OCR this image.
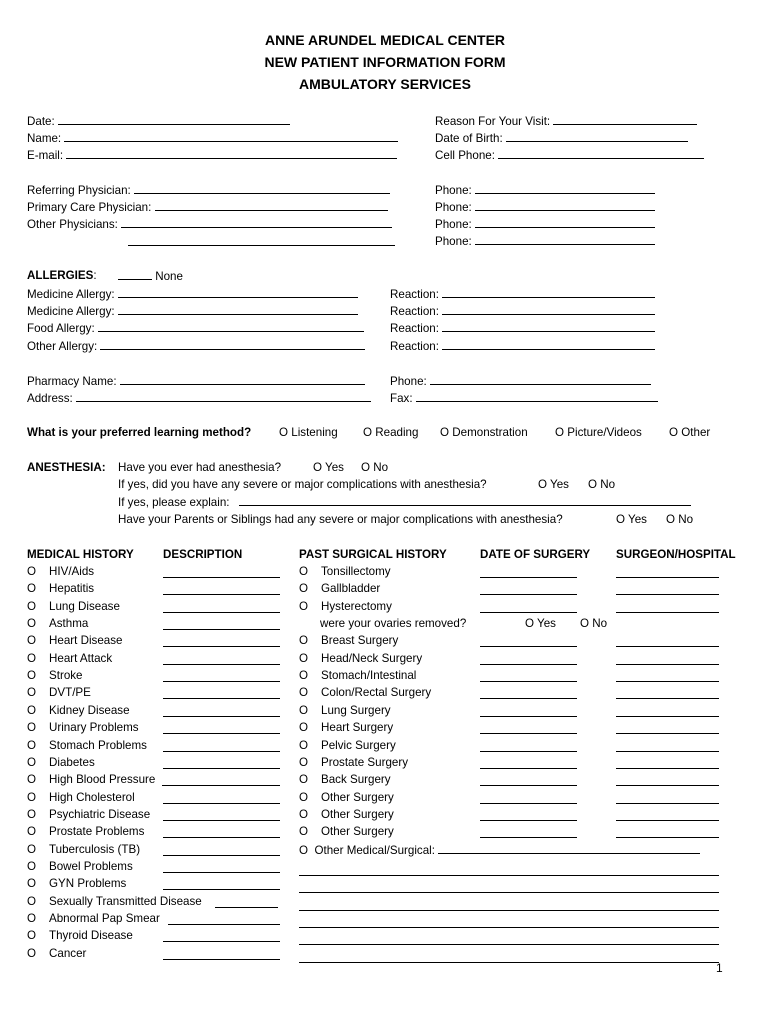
ANNE ARUNDEL MEDICAL CENTER
NEW PATIENT INFORMATION FORM
AMBULATORY SERVICES
Date:
Name:
E-mail:
Reason For Your Visit:
Date of Birth:
Cell Phone:
Referring Physician:
Primary Care Physician:
Other Physicians:
Phone:
Phone:
Phone:
Phone:
ALLERGIES:	None
Medicine Allergy:
Medicine Allergy:
Food Allergy:
Other Allergy:
Reaction:
Reaction:
Reaction:
Reaction:
Pharmacy Name:
Address:
Phone:
Fax:
What is your preferred learning method? O Listening O Reading O Demonstration O Picture/Videos O Other
ANESTHESIA: Have you ever had anesthesia?	O Yes O No
If yes, did you have any severe or major complications with anesthesia?	O Yes O No
If yes, please explain:
Have your Parents or Siblings had any severe or major complications with anesthesia?	O Yes O No
MEDICAL HISTORY	DESCRIPTION	PAST SURGICAL HISTORY	DATE OF SURGERY SURGEON/HOSPITAL
O HIV/Aids
O Hepatitis
O Lung Disease
O Asthma
O Heart Disease
O Heart Attack
O Stroke
O DVT/PE
O Kidney Disease
O Urinary Problems
O Stomach Problems
O Diabetes
O High Blood Pressure
O High Cholesterol
O Psychiatric Disease
O Prostate Problems
O Tuberculosis (TB)
O Bowel Problems
O GYN Problems
O Sexually Transmitted Disease
O Abnormal Pap Smear
O Thyroid Disease
O Cancer
O Tonsillectomy
O Gallbladder
O Hysterectomy
O Breast Surgery
O Head/Neck Surgery
O Stomach/Intestinal
O Colon/Rectal Surgery
O Lung Surgery
O Heart Surgery
O Pelvic Surgery
O Prostate Surgery
O Back Surgery
O Other Surgery
O Other Surgery
O Other Surgery
were your ovaries removed?	O Yes O No
O Other Medical/Surgical:
1
